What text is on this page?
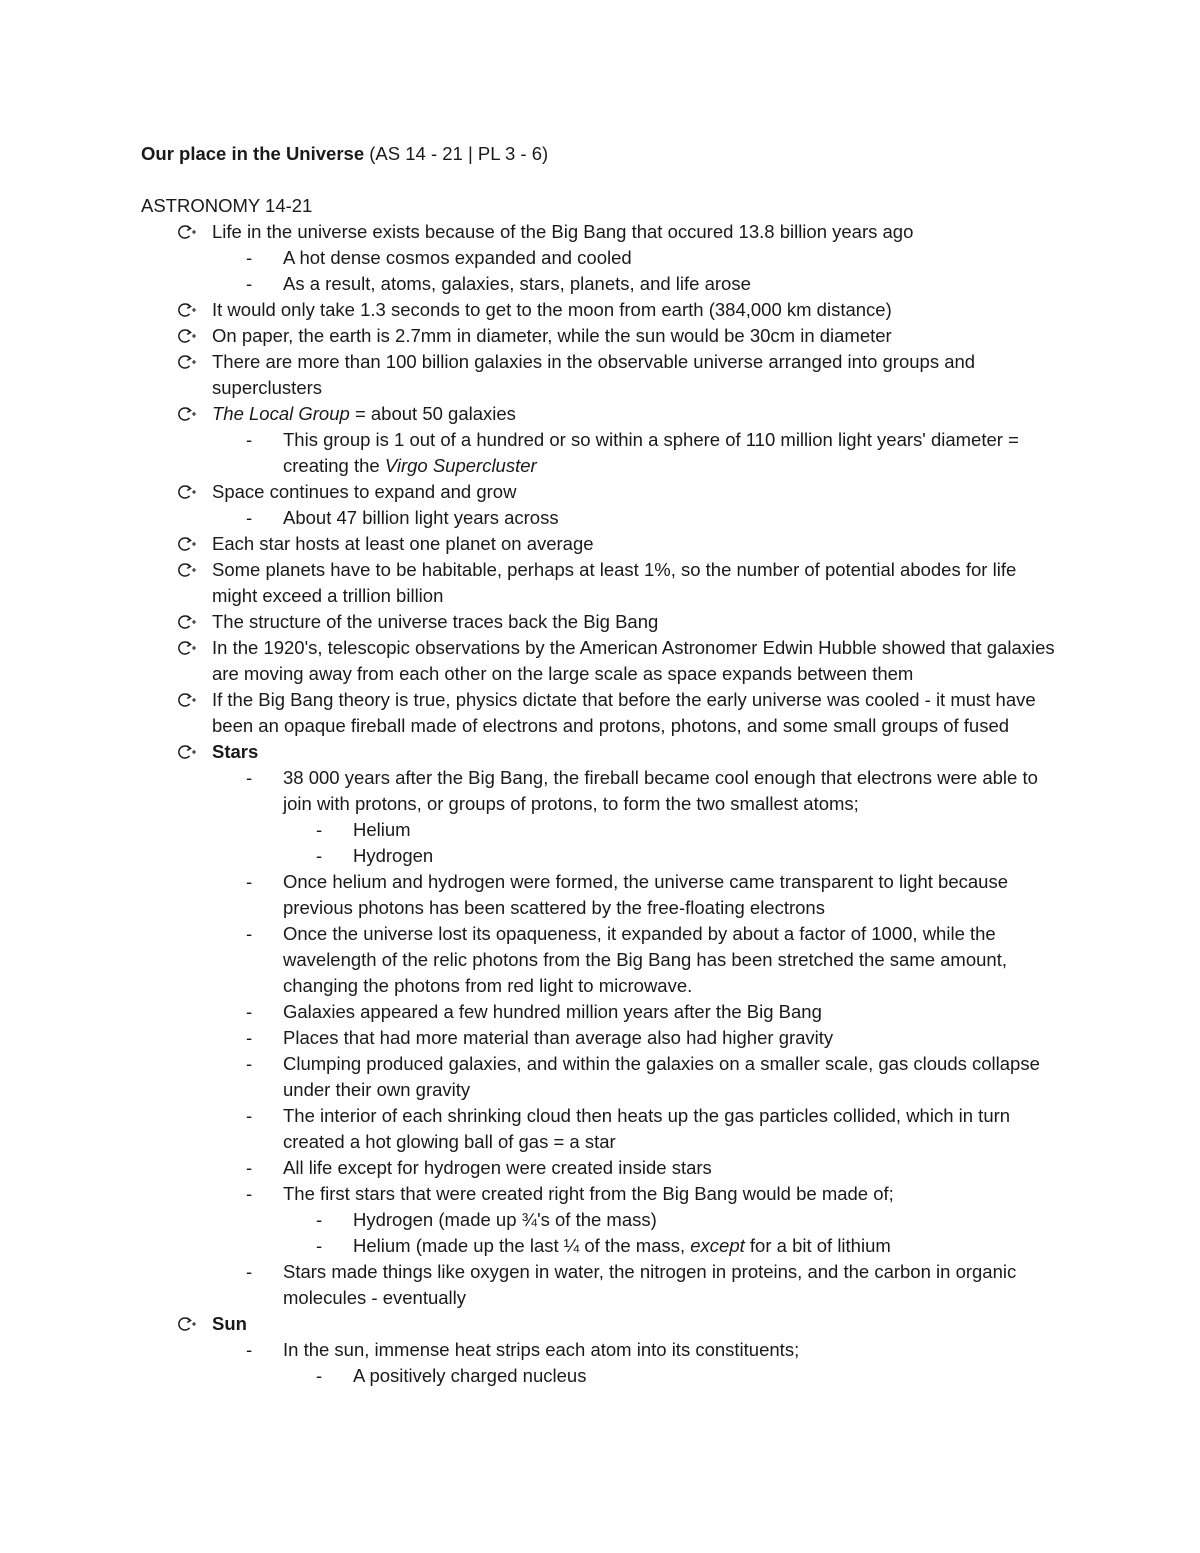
Our place in the Universe (AS 14 - 21 | PL 3 - 6)

ASTRONOMY 14-21

Life in the universe exists because of the Big Bang that occured 13.8 billion years ago
- A hot dense cosmos expanded and cooled
- As a result, atoms, galaxies, stars, planets, and life arose
It would only take 1.3 seconds to get to the moon from earth (384,000 km distance)
On paper, the earth is 2.7mm in diameter, while the sun would be 30cm in diameter
There are more than 100 billion galaxies in the observable universe arranged into groups and superclusters
The Local Group = about 50 galaxies
- This group is 1 out of a hundred or so within a sphere of 110 million light years' diameter = creating the Virgo Supercluster
Space continues to expand and grow
- About 47 billion light years across
Each star hosts at least one planet on average
Some planets have to be habitable, perhaps at least 1%, so the number of potential abodes for life might exceed a trillion billion
The structure of the universe traces back the Big Bang
In the 1920's, telescopic observations by the American Astronomer Edwin Hubble showed that galaxies are moving away from each other on the large scale as space expands between them
If the Big Bang theory is true, physics dictate that before the early universe was cooled - it must have been an opaque fireball made of electrons and protons, photons, and some small groups of fused
Stars
- 38 000 years after the Big Bang, the fireball became cool enough that electrons were able to join with protons, or groups of protons, to form the two smallest atoms;
- Helium
- Hydrogen
- Once helium and hydrogen were formed, the universe came transparent to light because previous photons has been scattered by the free-floating electrons
- Once the universe lost its opaqueness, it expanded by about a factor of 1000, while the wavelength of the relic photons from the Big Bang has been stretched the same amount, changing the photons from red light to microwave.
- Galaxies appeared a few hundred million years after the Big Bang
- Places that had more material than average also had higher gravity
- Clumping produced galaxies, and within the galaxies on a smaller scale, gas clouds collapse under their own gravity
- The interior of each shrinking cloud then heats up the gas particles collided, which in turn created a hot glowing ball of gas = a star
- All life except for hydrogen were created inside stars
- The first stars that were created right from the Big Bang would be made of;
- Hydrogen (made up ¾'s of the mass)
- Helium (made up the last ¼ of the mass, except for a bit of lithium
- Stars made things like oxygen in water, the nitrogen in proteins, and the carbon in organic molecules - eventually
Sun
- In the sun, immense heat strips each atom into its constituents;
- A positively charged nucleus
